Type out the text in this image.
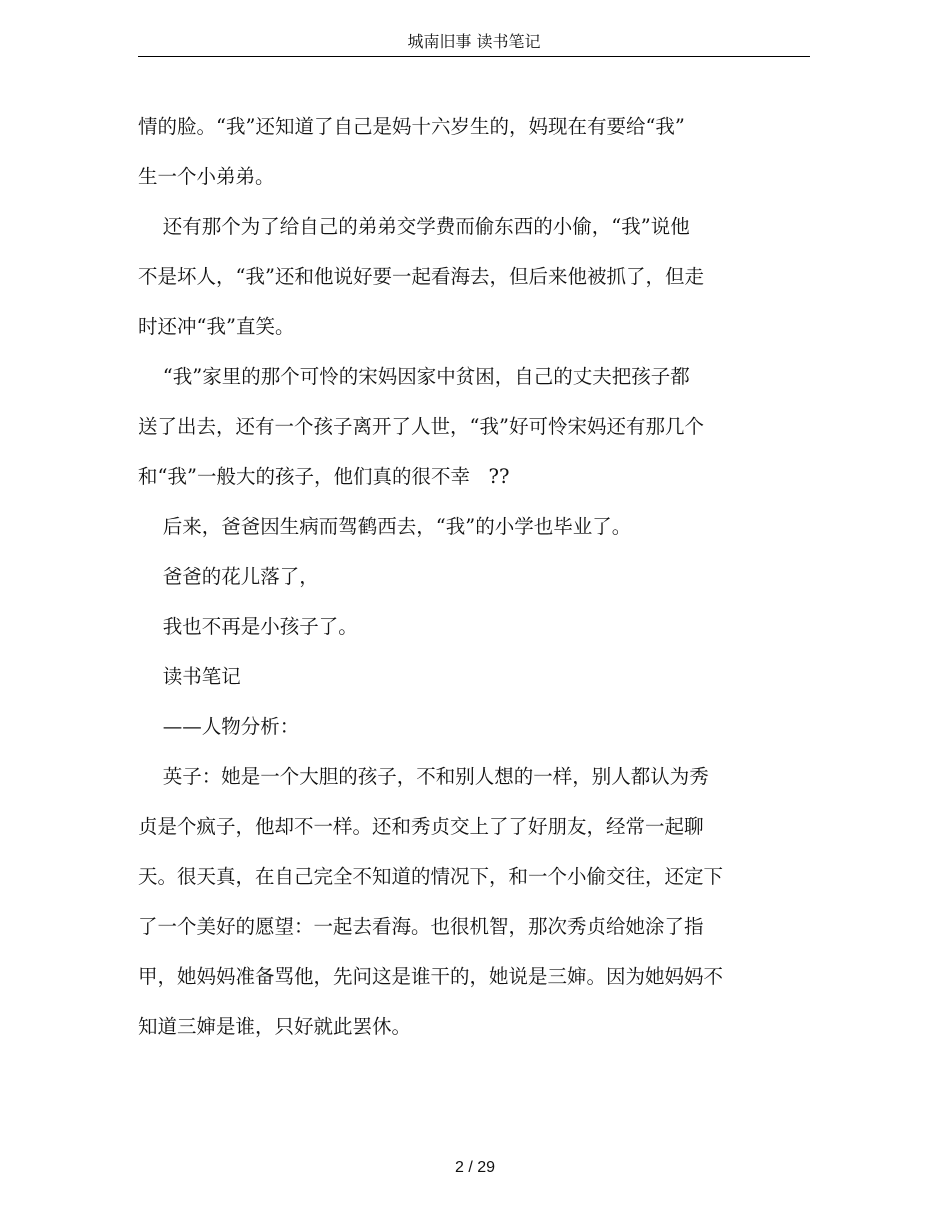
城南旧事 读书笔记

情的脸。“我”还知道了自己是妈十六岁生的，妈现在有要给“我”

生一个小弟弟。

还有那个为了给自己的弟弟交学费而偷东西的小偷，“我”说他

不是坏人，“我”还和他说好要一起看海去，但后来他被抓了，但走

时还冲“我”直笑。

“我”家里的那个可怜的宋妈因家中贫困，自己的丈夫把孩子都

送了出去，还有一个孩子离开了人世，“我”好可怜宋妈还有那几个

和“我”一般大的孩子，他们真的很不幸   ??

后来，爸爸因生病而驾鹤西去，“我”的小学也毕业了。

爸爸的花儿落了，

我也不再是小孩子了。

读书笔记

——人物分析：

英子：她是一个大胆的孩子，不和别人想的一样，别人都认为秀

贞是个疯子，他却不一样。还和秀贞交上了了好朋友，经常一起聊

天。很天真，在自己完全不知道的情况下，和一个小偷交往，还定下

了一个美好的愿望：一起去看海。也很机智，那次秀贞给她涂了指

甲，她妈妈准备骂他，先问这是谁干的，她说是三婶。因为她妈妈不

知道三婶是谁，只好就此罢休。

2 / 29
